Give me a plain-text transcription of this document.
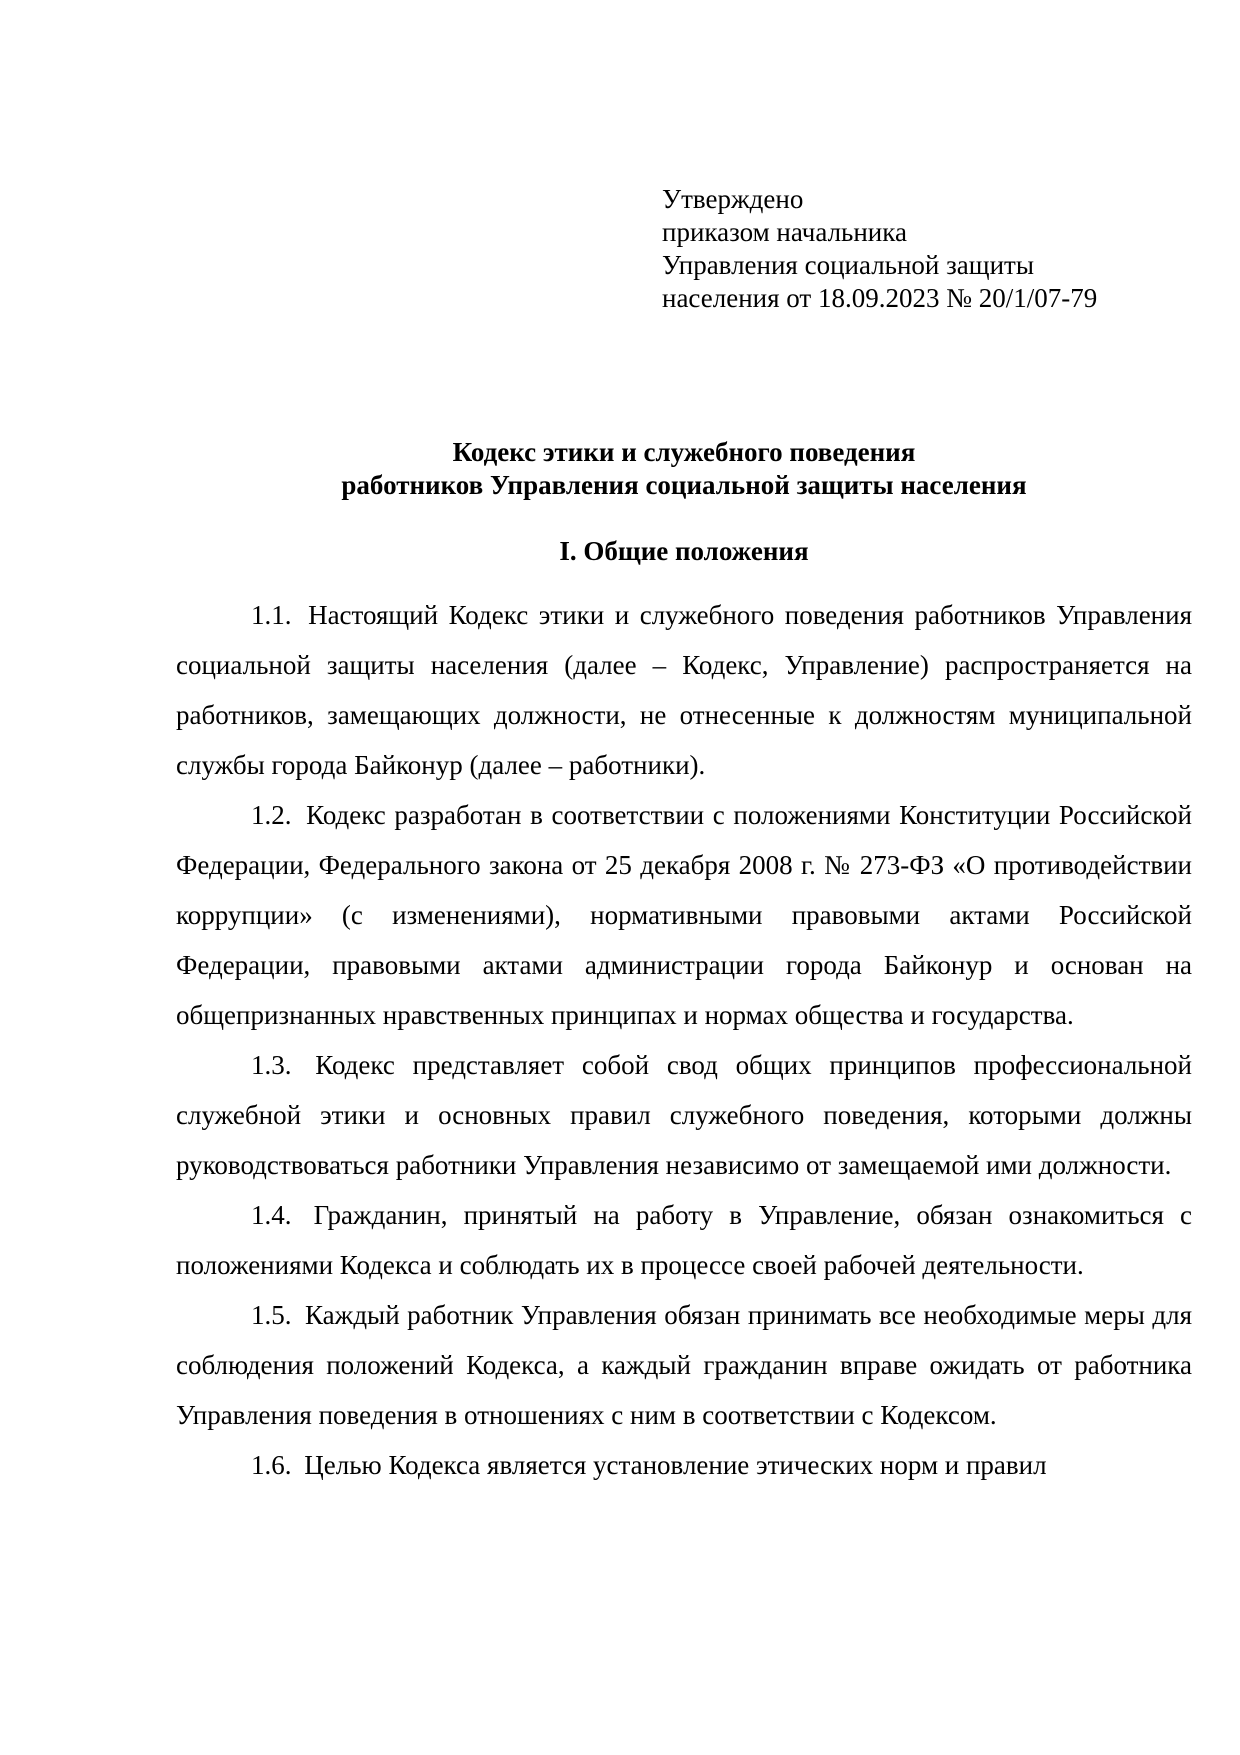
Утверждено
приказом начальника
Управления социальной защиты
населения от 18.09.2023 № 20/1/07-79
Кодекс этики и служебного поведения
работников Управления социальной защиты населения
I. Общие положения

1.1. Настоящий Кодекс этики и служебного поведения работников Управления социальной защиты населения (далее – Кодекс, Управление) распространяется на работников, замещающих должности, не отнесенные к должностям муниципальной службы города Байконур (далее – работники).

1.2. Кодекс разработан в соответствии с положениями Конституции Российской Федерации, Федерального закона от 25 декабря 2008 г. № 273-ФЗ «О противодействии коррупции» (с изменениями), нормативными правовыми актами Российской Федерации, правовыми актами администрации города Байконур и основан на общепризнанных нравственных принципах и нормах общества и государства.

1.3. Кодекс представляет собой свод общих принципов профессиональной служебной этики и основных правил служебного поведения, которыми должны руководствоваться работники Управления независимо от замещаемой ими должности.

1.4. Гражданин, принятый на работу в Управление, обязан ознакомиться с положениями Кодекса и соблюдать их в процессе своей рабочей деятельности.

1.5. Каждый работник Управления обязан принимать все необходимые меры для соблюдения положений Кодекса, а каждый гражданин вправе ожидать от работника Управления поведения в отношениях с ним в соответствии с Кодексом.

1.6. Целью Кодекса является установление этических норм и правил
